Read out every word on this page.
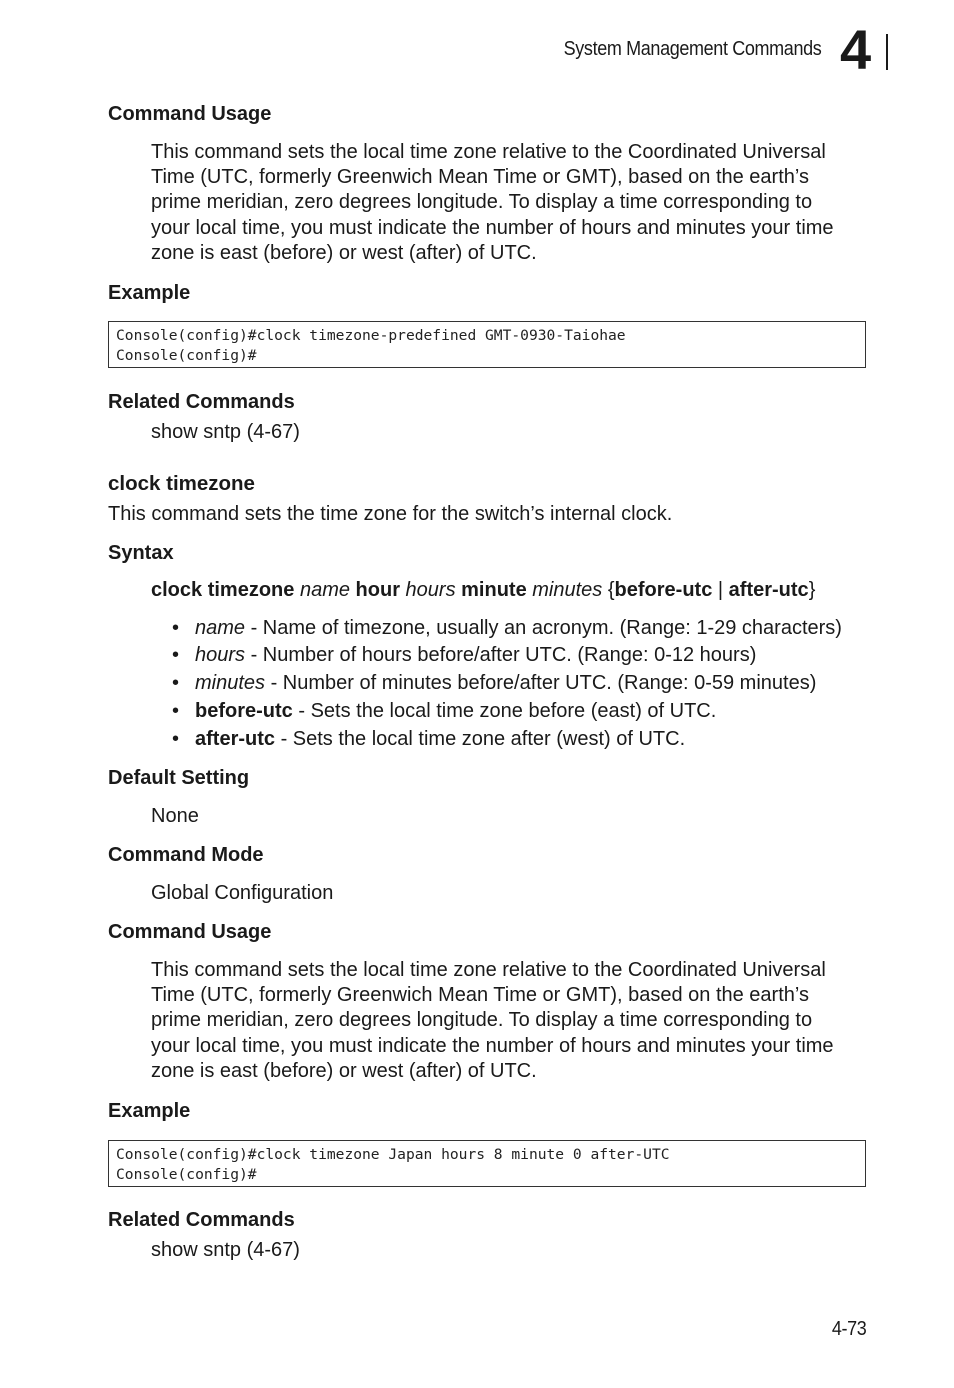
System Management Commands 4
Command Usage
This command sets the local time zone relative to the Coordinated Universal
Time (UTC, formerly Greenwich Mean Time or GMT), based on the earth’s
prime meridian, zero degrees longitude. To display a time corresponding to
your local time, you must indicate the number of hours and minutes your time
zone is east (before) or west (after) of UTC.
Example
Console(config)#clock timezone-predefined GMT-0930-Taiohae
Console(config)#
Related Commands
show sntp (4-67)
clock timezone
This command sets the time zone for the switch’s internal clock.
Syntax
clock timezone name hour hours minute minutes {before-utc | after-utc}
• name - Name of timezone, usually an acronym. (Range: 1-29 characters)
• hours - Number of hours before/after UTC. (Range: 0-12 hours)
• minutes - Number of minutes before/after UTC. (Range: 0-59 minutes)
• before-utc - Sets the local time zone before (east) of UTC.
• after-utc - Sets the local time zone after (west) of UTC.
Default Setting
None
Command Mode
Global Configuration
Command Usage
This command sets the local time zone relative to the Coordinated Universal
Time (UTC, formerly Greenwich Mean Time or GMT), based on the earth’s
prime meridian, zero degrees longitude. To display a time corresponding to
your local time, you must indicate the number of hours and minutes your time
zone is east (before) or west (after) of UTC.
Example
Console(config)#clock timezone Japan hours 8 minute 0 after-UTC
Console(config)#
Related Commands
show sntp (4-67)
4-73
